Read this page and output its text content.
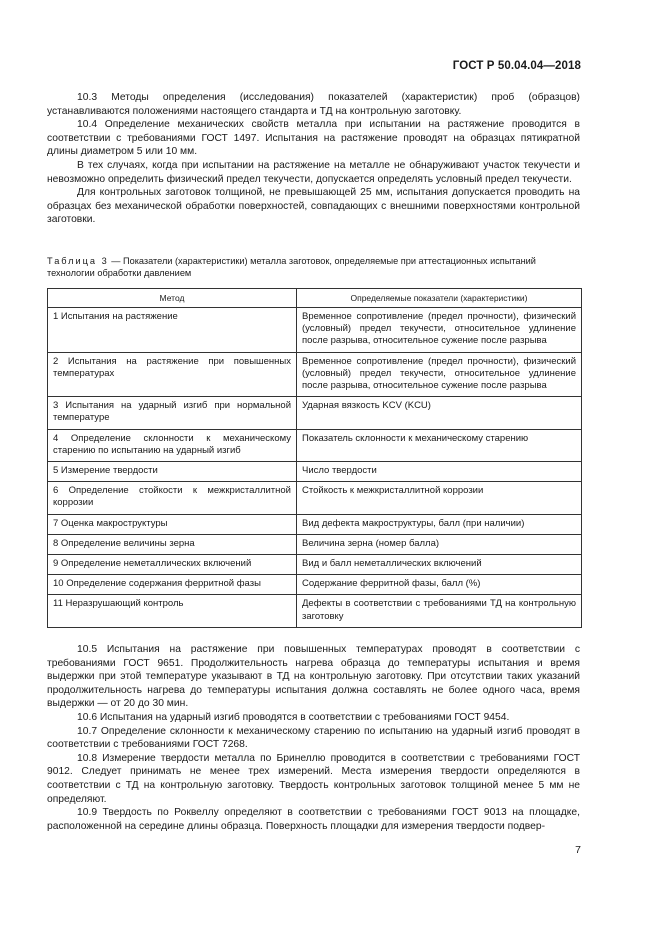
ГОСТ Р 50.04.04—2018

10.3 Методы определения (исследования) показателей (характеристик) проб (образцов) устанавливаются положениями настоящего стандарта и ТД на контрольную заготовку.

10.4 Определение механических свойств металла при испытании на растяжение проводится в соответствии с требованиями ГОСТ 1497. Испытания на растяжение проводят на образцах пятикратной длины диаметром 5 или 10 мм.

В тех случаях, когда при испытании на растяжение на металле не обнаруживают участок текучести и невозможно определить физический предел текучести, допускается определять условный предел текучести.

Для контрольных заготовок толщиной, не превышающей 25 мм, испытания допускается проводить на образцах без механической обработки поверхностей, совпадающих с внешними поверхностями контрольной заготовки.

Таблица 3 — Показатели (характеристики) металла заготовок, определяемые при аттестационных испытаний технологии обработки давлением
Метод	Определяемые показатели (характеристики)
1 Испытания на растяжение	Временное сопротивление (предел прочности), физический (условный) предел текучести, относительное удлинение после разрыва, относительное сужение после разрыва
2 Испытания на растяжение при повышенных температурах	Временное сопротивление (предел прочности), физический (условный) предел текучести, относительное удлинение после разрыва, относительное сужение после разрыва
3 Испытания на ударный изгиб при нормальной температуре	Ударная вязкость KCV (KCU)
4 Определение склонности к механическому старению по испытанию на ударный изгиб	Показатель склонности к механическому старению
5 Измерение твердости	Число твердости
6 Определение стойкости к межкристаллитной коррозии	Стойкость к межкристаллитной коррозии
7 Оценка макроструктуры	Вид дефекта макроструктуры, балл (при наличии)
8 Определение величины зерна	Величина зерна (номер балла)
9 Определение неметаллических включений	Вид и балл неметаллических включений
10 Определение содержания ферритной фазы	Содержание ферритной фазы, балл (%)
11 Неразрушающий контроль	Дефекты в соответствии с требованиями ТД на контрольную заготовку

10.5 Испытания на растяжение при повышенных температурах проводят в соответствии с требованиями ГОСТ 9651. Продолжительность нагрева образца до температуры испытания и время выдержки при этой температуре указывают в ТД на контрольную заготовку. При отсутствии таких указаний продолжительность нагрева до температуры испытания должна составлять не более одного часа, время выдержки — от 20 до 30 мин.

10.6 Испытания на ударный изгиб проводятся в соответствии с требованиями ГОСТ 9454.

10.7 Определение склонности к механическому старению по испытанию на ударный изгиб проводят в соответствии с требованиями ГОСТ 7268.

10.8 Измерение твердости металла по Бринеллю проводится в соответствии с требованиями ГОСТ 9012. Следует принимать не менее трех измерений. Места измерения твердости определяются в соответствии с ТД на контрольную заготовку. Твердость контрольных заготовок толщиной менее 5 мм не определяют.

10.9 Твердость по Роквеллу определяют в соответствии с требованиями ГОСТ 9013 на площадке, расположенной на середине длины образца. Поверхность площадки для измерения твердости подвер-

7
